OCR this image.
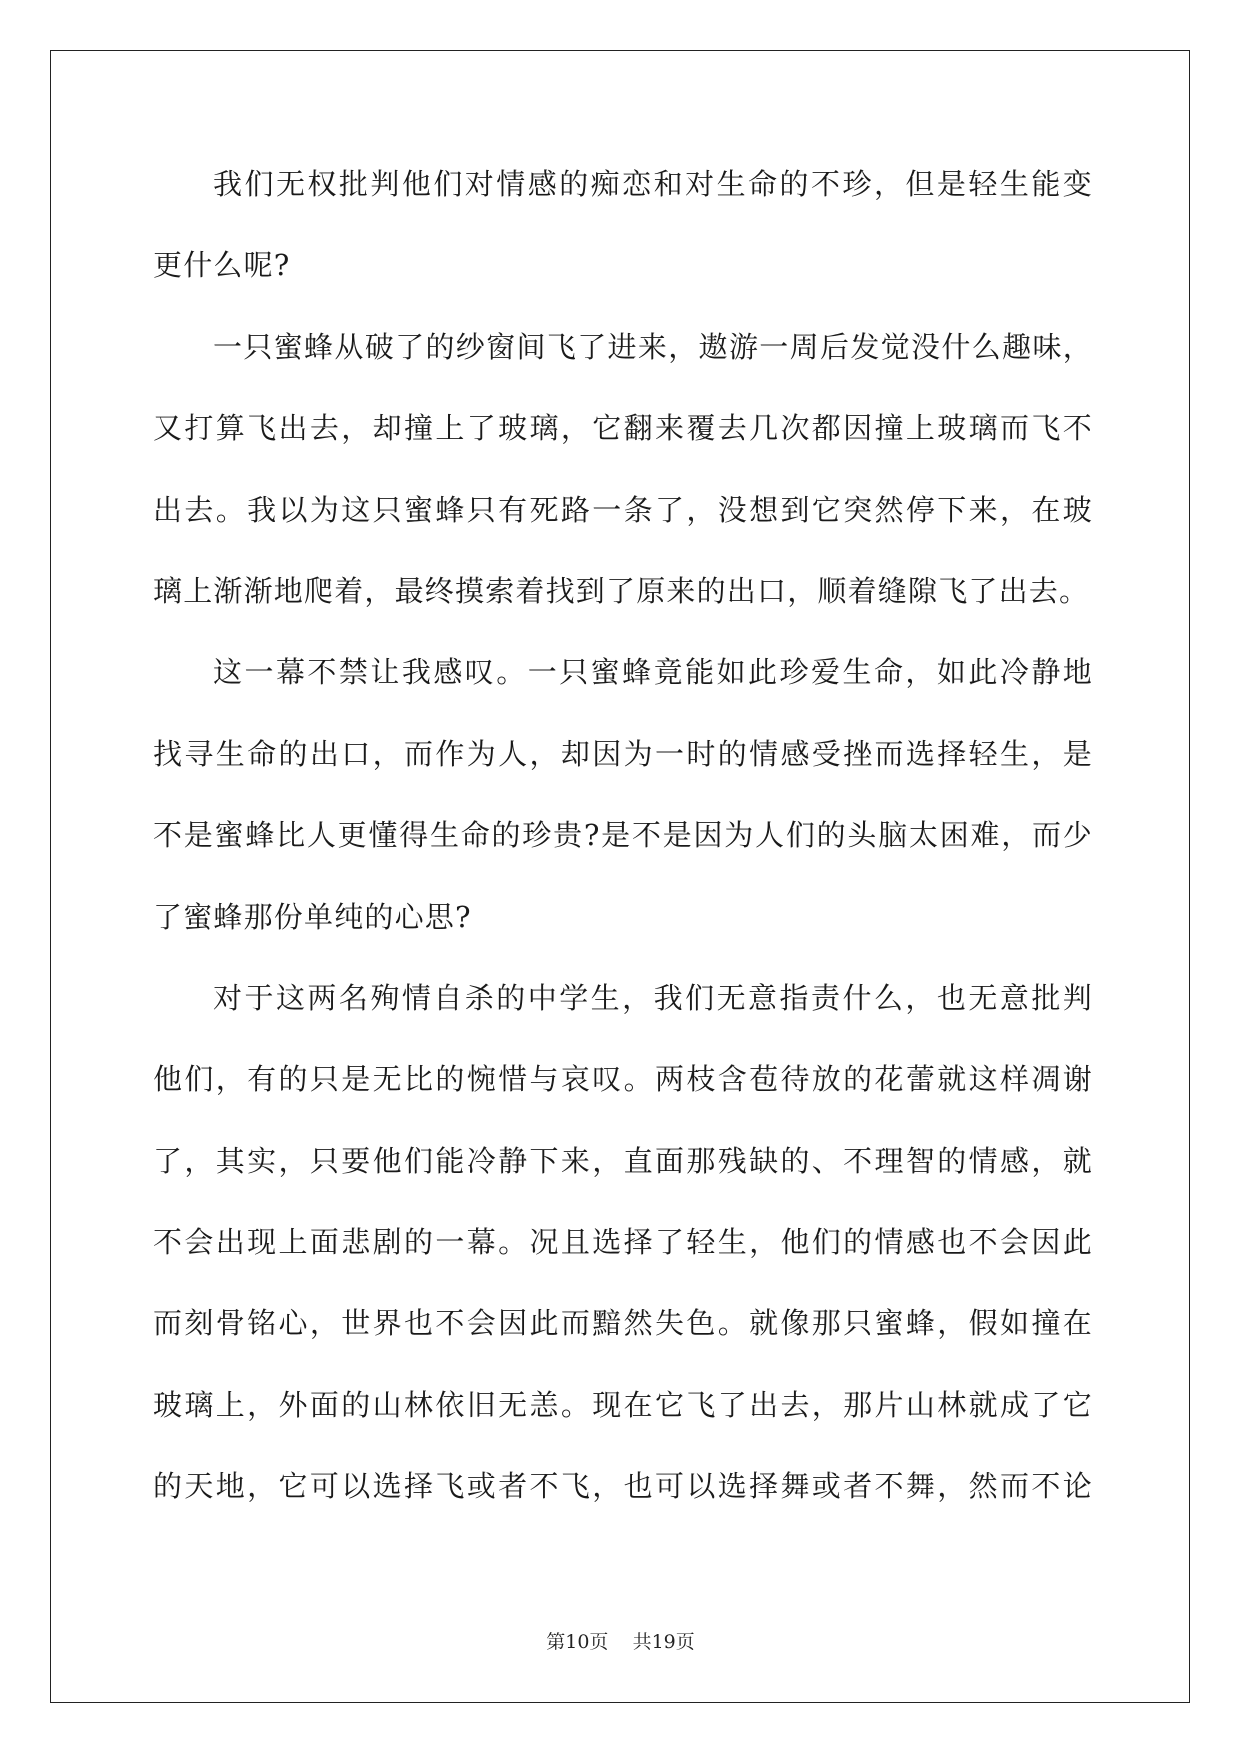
我们无权批判他们对情感的痴恋和对生命的不珍，但是轻生能变
更什么呢?
一只蜜蜂从破了的纱窗间飞了进来，遨游一周后发觉没什么趣味，
又打算飞出去，却撞上了玻璃，它翻来覆去几次都因撞上玻璃而飞不
出去。我以为这只蜜蜂只有死路一条了，没想到它突然停下来，在玻
璃上渐渐地爬着，最终摸索着找到了原来的出口，顺着缝隙飞了出去。
这一幕不禁让我感叹。一只蜜蜂竟能如此珍爱生命，如此冷静地
找寻生命的出口，而作为人，却因为一时的情感受挫而选择轻生，是
不是蜜蜂比人更懂得生命的珍贵?是不是因为人们的头脑太困难，而少
了蜜蜂那份单纯的心思?
对于这两名殉情自杀的中学生，我们无意指责什么，也无意批判
他们，有的只是无比的惋惜与哀叹。两枝含苞待放的花蕾就这样凋谢
了，其实，只要他们能冷静下来，直面那残缺的、不理智的情感，就
不会出现上面悲剧的一幕。况且选择了轻生，他们的情感也不会因此
而刻骨铭心，世界也不会因此而黯然失色。就像那只蜜蜂，假如撞在
玻璃上，外面的山林依旧无恙。现在它飞了出去，那片山林就成了它
的天地，它可以选择飞或者不飞，也可以选择舞或者不舞，然而不论
第10页    共19页
